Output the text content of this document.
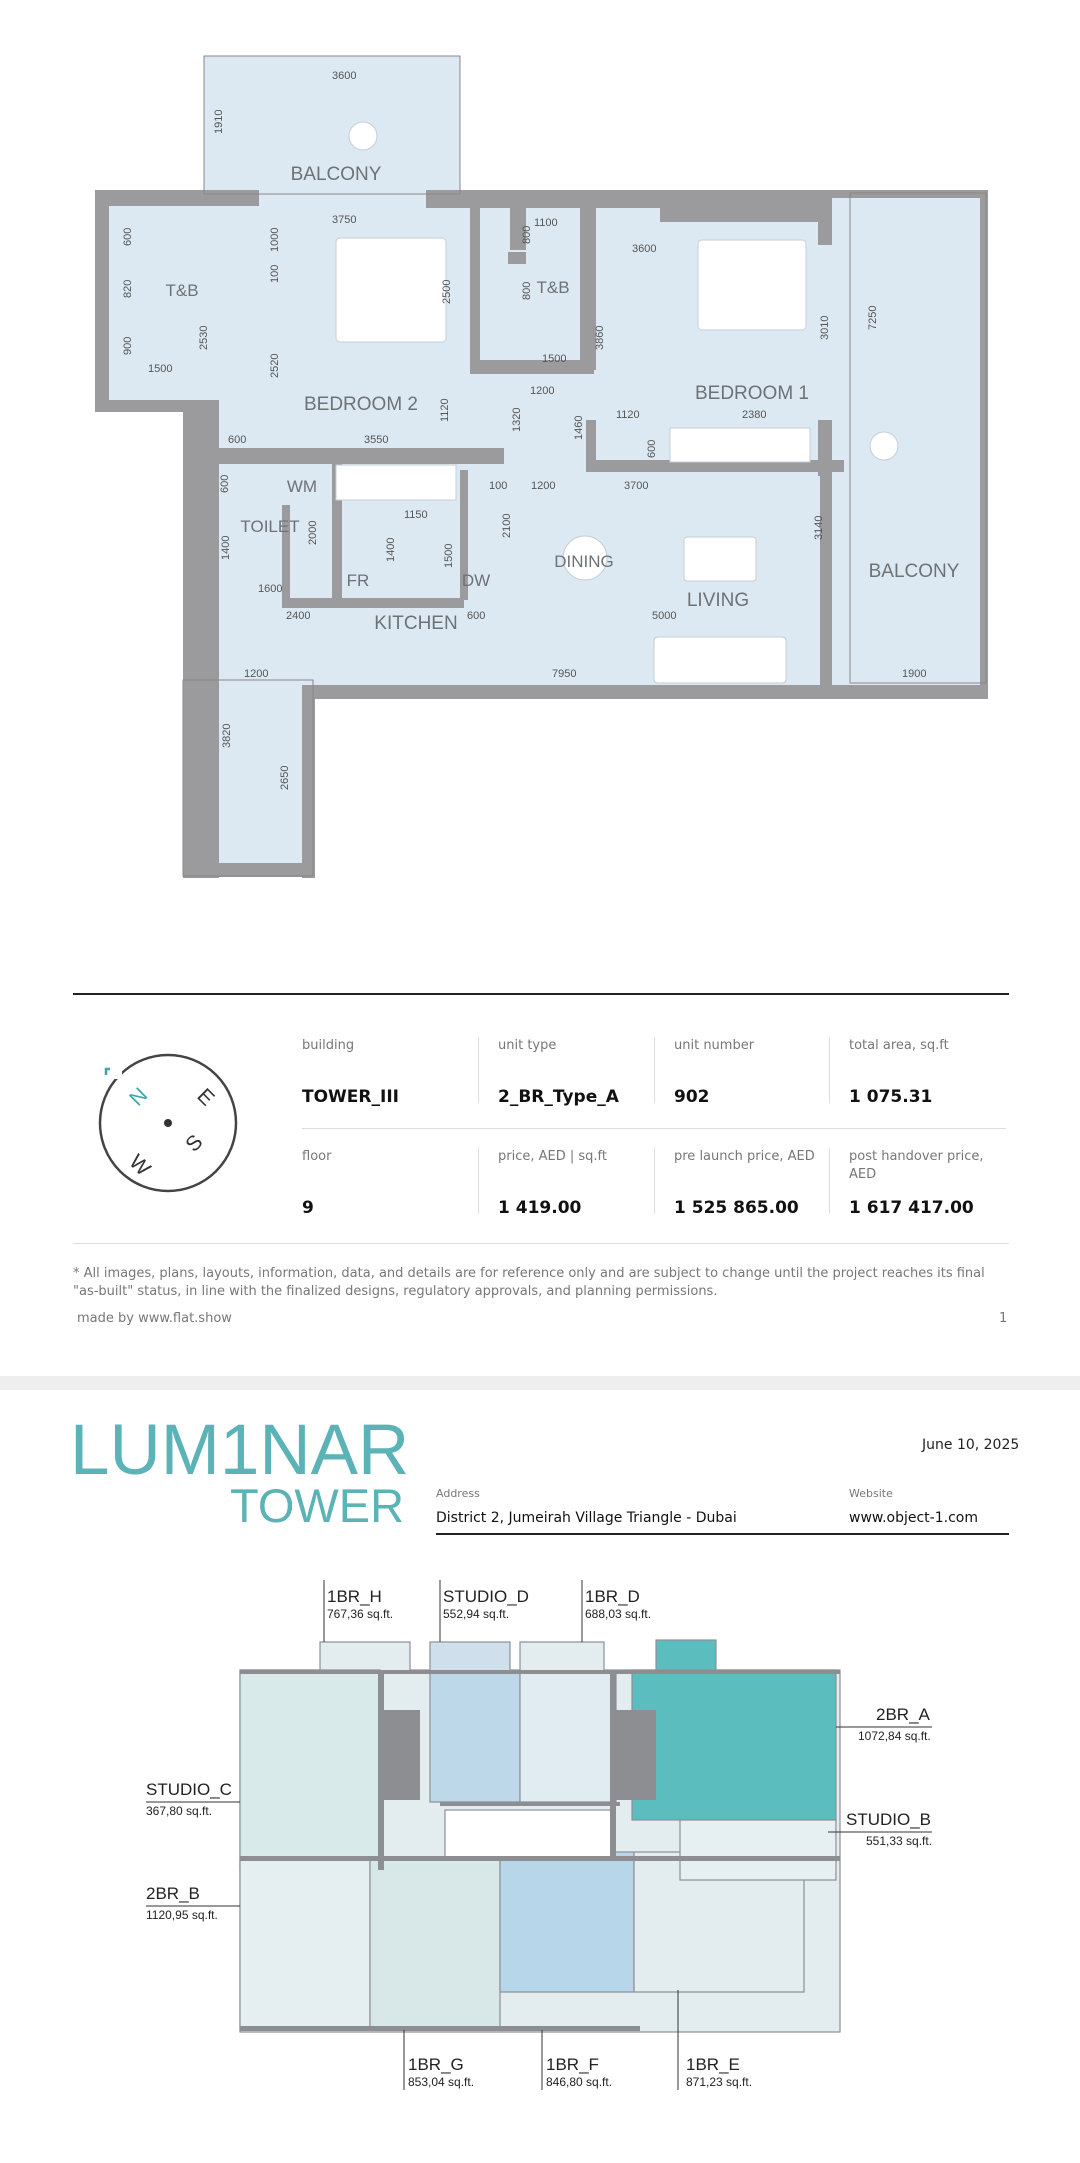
BALCONY
T&B
BEDROOM 2
T&B
BEDROOM 1
WM
TOILET
FR	DW
DINING
LIVING
KITCHEN
BALCONY
3600
1910
3750
600
820
900
1500
2530
1000
100
2520
2500
1100
800
800
1500
3600
3860	3010	7250
1200
1120	2380
1320	1460
600
1120
600	3550
600	100 1200	3700
2000
1150
1400	1500
2100	3140
1400
1600
2400	600	5000
1200	7950	1900
3820
2650
N E
S
W
building
TOWER_III
unit type
2_BR_Type_A
unit number
902
total area, sq.ft
1 075.31
floor
9
price, AED | sq.ft
1 419.00
pre launch price, AED
1 525 865.00
post handover price, AED
1 617 417.00
* All images, plans, layouts, information, data, and details are for reference only and are subject to change until the project reaches its final "as-built" status, in line with the finalized designs, regulatory approvals, and planning permissions.
made by www.flat.show	1
LUM1NAR
TOWER
June 10, 2025
Address
District 2, Jumeirah Village Triangle - Dubai
Website
www.object-1.com
1BR_H
767,36 sq.ft.
STUDIO_D
552,94 sq.ft.
1BR_D
688,03 sq.ft.
2BR_A
1072,84 sq.ft.
STUDIO_C
367,80 sq.ft.	STUDIO_B
551,33 sq.ft.
2BR_B
1120,95 sq.ft.
1BR_G
853,04 sq.ft.
1BR_F
846,80 sq.ft.
1BR_E
871,23 sq.ft.
